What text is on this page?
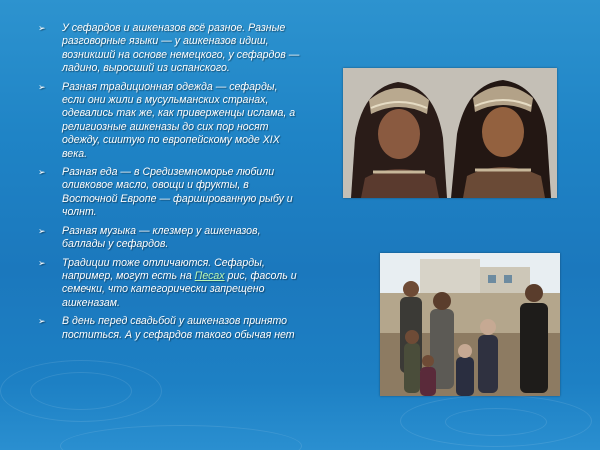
➢ У сефардов и ашкеназов всё разное. Разные разговорные языки — у ашкеназов идиш, возникший на основе немецкого, у сефардов — ладино, выросший из испанского.
➢ Разная традиционная одежда — сефарды, если они жили в мусульманских странах, одевались так же, как приверженцы ислама, а религиозные ашкеназы до сих пор носят одежду, сшитую по европейскому моде XIX века.
➢ Разная еда — в Средиземноморье любили оливковое масло, овощи и фрукты, в Восточной Европе — фаршированную рыбу и чолнт.
➢ Разная музыка — клезмер у ашкеназов, баллады у сефардов.
➢ Традиции тоже отличаются. Сефарды, например, могут есть на Песах рис, фасоль и семечки, что категорически запрещено ашкеназам.
➢ В день перед свадьбой у ашкеназов принято поститься. А у сефардов такого обычая нет
